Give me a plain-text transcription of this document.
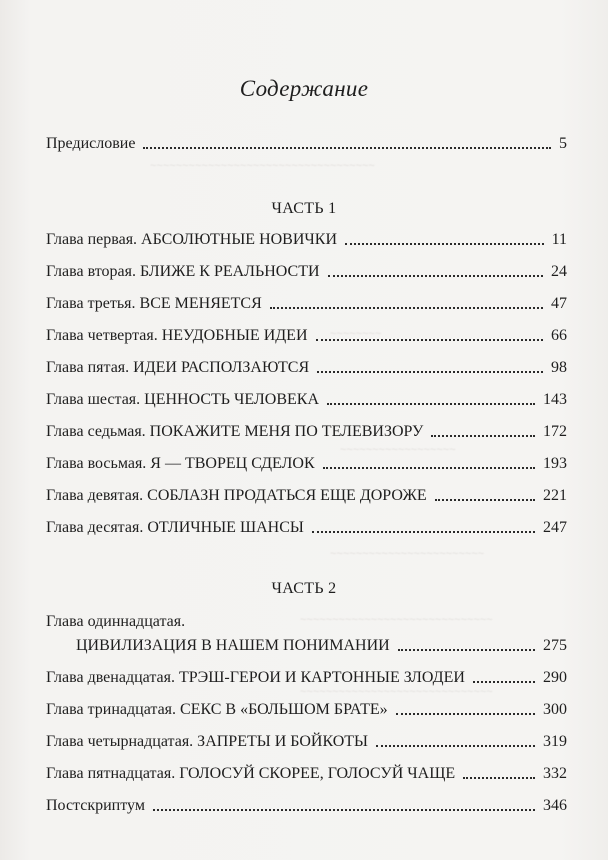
~~~~~~~~~~~~~~~~~~~~~~~~~~~~~~~~~~~
~~~~~~~~
~~~~~~~~~~~~~~~~~~
~~~~~~~~~~~~~~~~~~~~~~~~
~~~~~~~~~~~~~~~~~~~~~~~~~~~~~~
~~~~~~~~~~~~~~~~~~~~~~~~~~~~~~
Содержание
Предисловие	5
ЧАСТЬ 1
Глава первая. АБСОЛЮТНЫЕ НОВИЧКИ	11
Глава вторая. БЛИЖЕ К РЕАЛЬНОСТИ	24
Глава третья. ВСЕ МЕНЯЕТСЯ	47
Глава четвертая. НЕУДОБНЫЕ ИДЕИ	66
Глава пятая. ИДЕИ РАСПОЛЗАЮТСЯ	98
Глава шестая. ЦЕННОСТЬ ЧЕЛОВЕКА	143
Глава седьмая. ПОКАЖИТЕ МЕНЯ ПО ТЕЛЕВИЗОРУ	172
Глава восьмая. Я — ТВОРЕЦ СДЕЛОК	193
Глава девятая. СОБЛАЗН ПРОДАТЬСЯ ЕЩЕ ДОРОЖЕ	221
Глава десятая. ОТЛИЧНЫЕ ШАНСЫ	247
ЧАСТЬ 2
Глава одиннадцатая.
ЦИВИЛИЗАЦИЯ В НАШЕМ ПОНИМАНИИ	275
Глава двенадцатая. ТРЭШ-ГЕРОИ И КАРТОННЫЕ ЗЛОДЕИ	290
Глава тринадцатая. СЕКС В «БОЛЬШОМ БРАТЕ»	300
Глава четырнадцатая. ЗАПРЕТЫ И БОЙКОТЫ	319
Глава пятнадцатая. ГОЛОСУЙ СКОРЕЕ, ГОЛОСУЙ ЧАЩЕ	332
Постскриптум	346
